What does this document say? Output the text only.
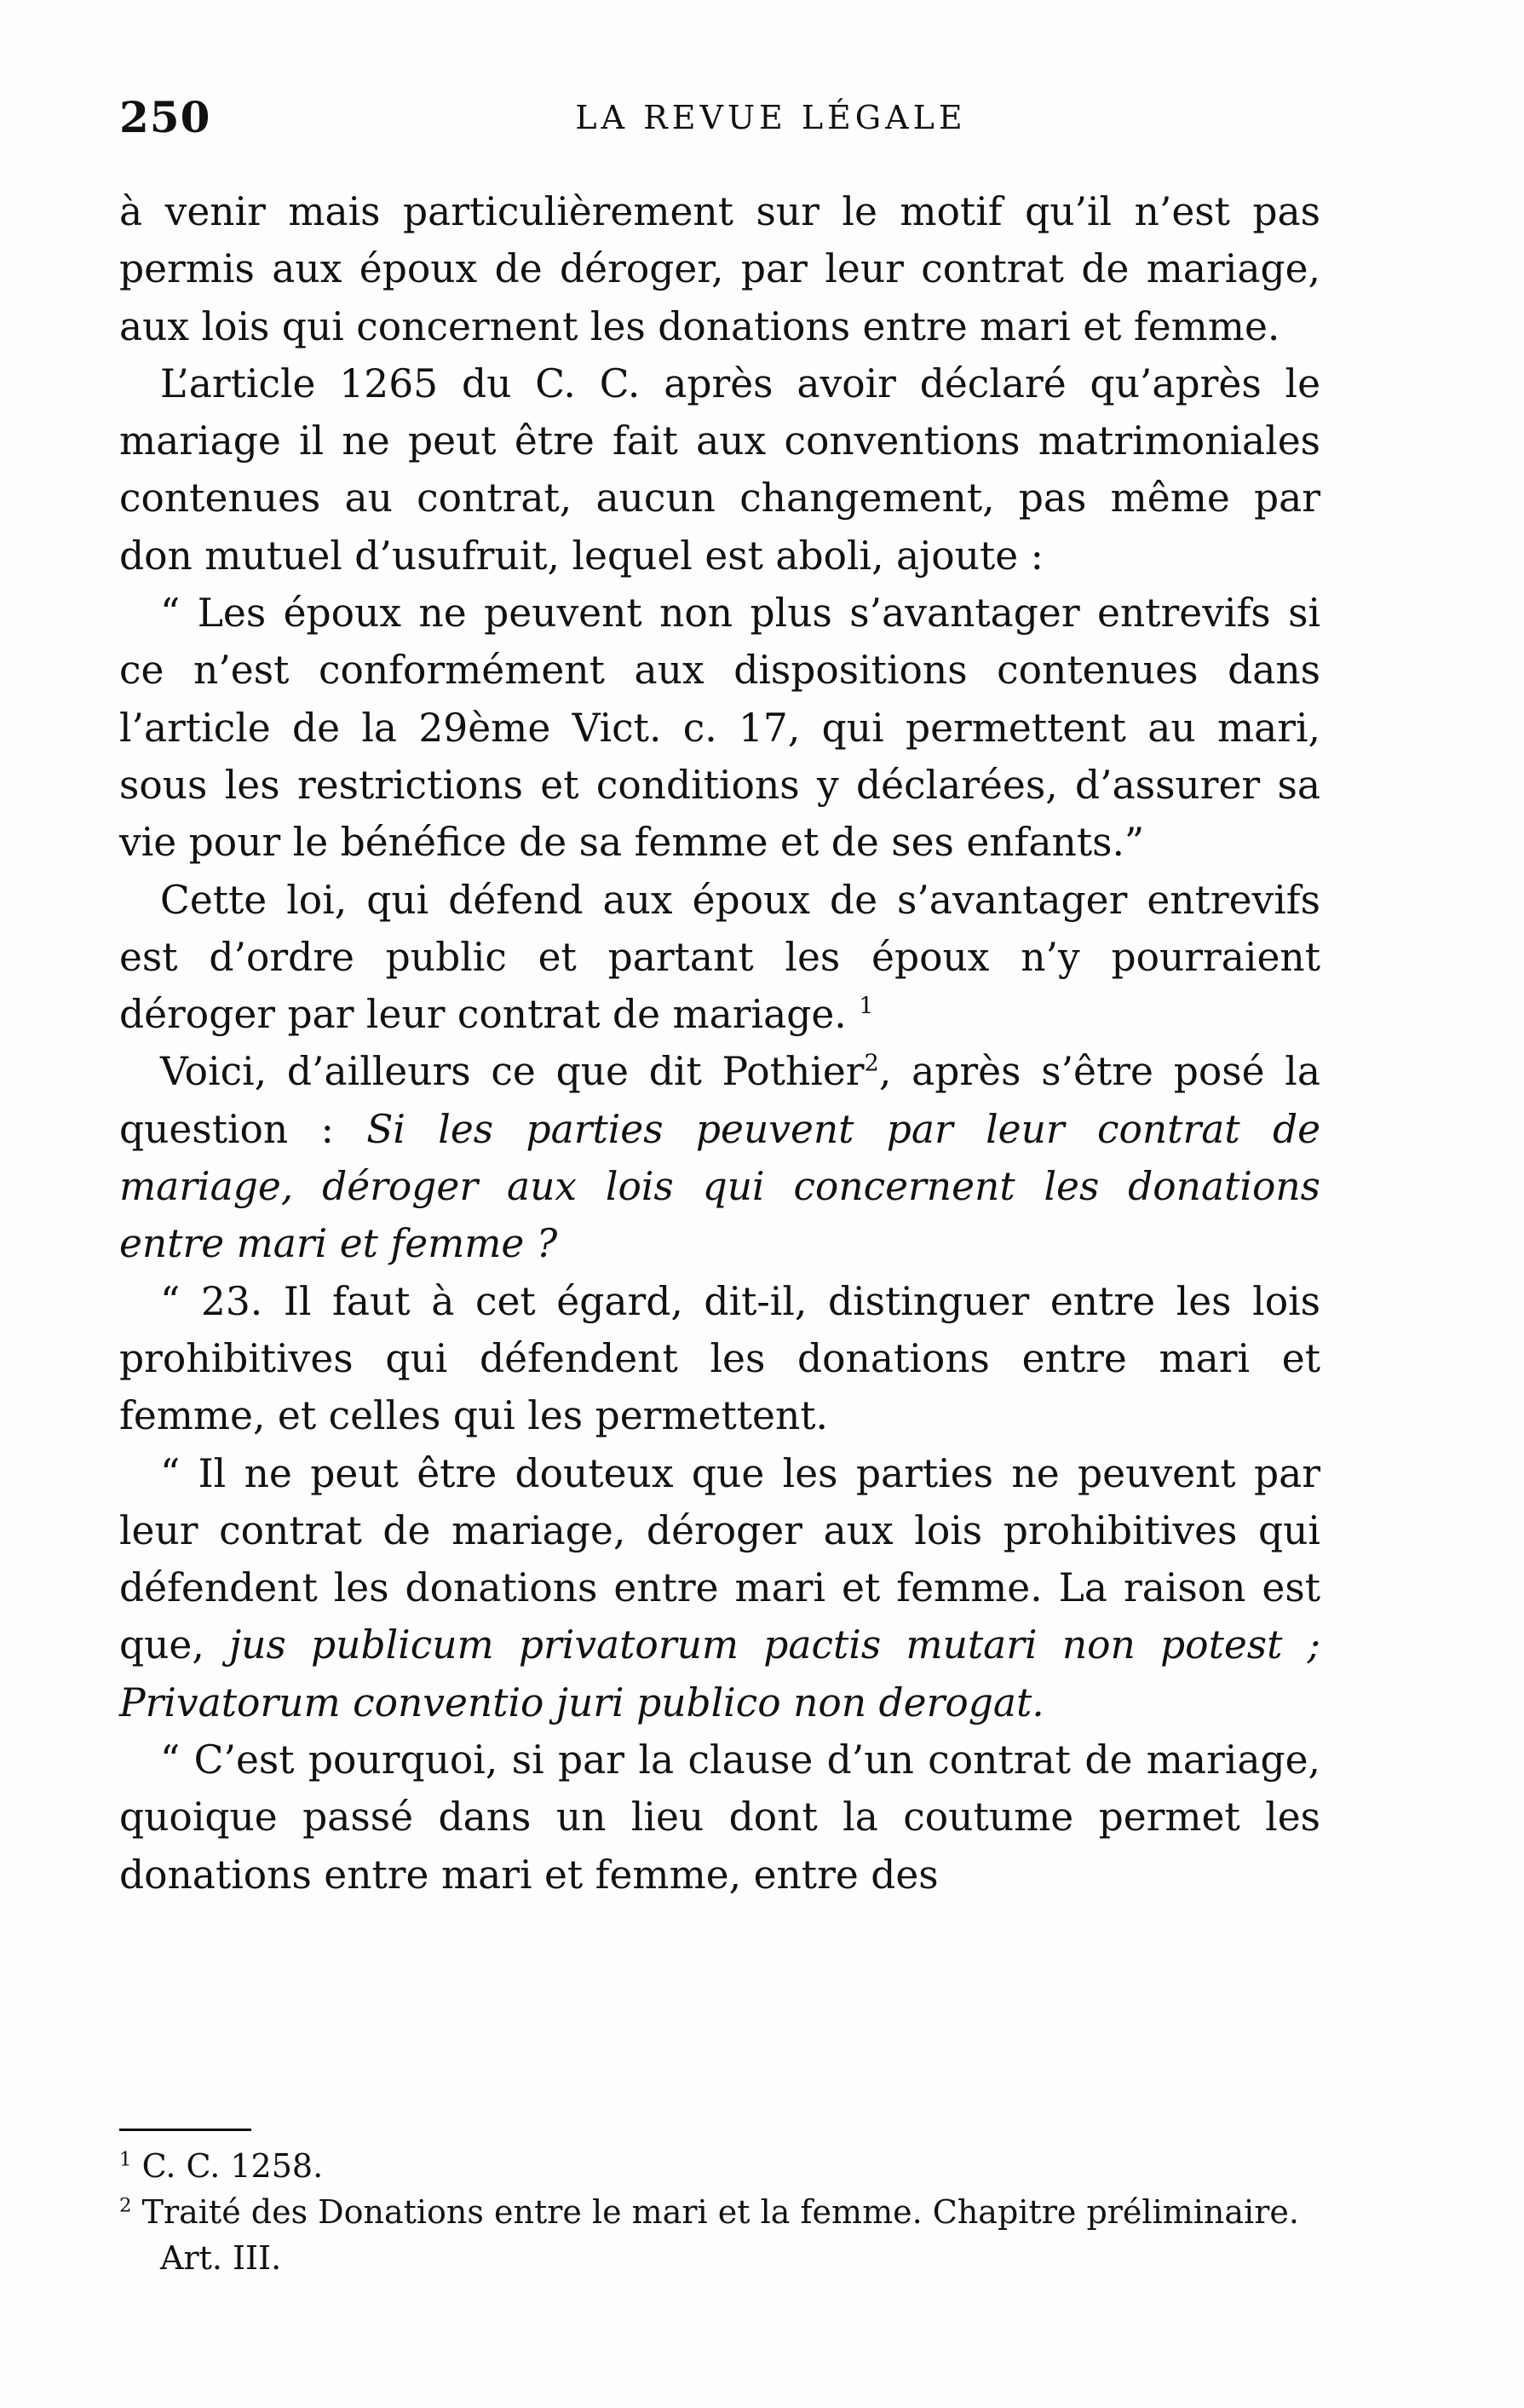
250	LA REVUE LÉGALE

à venir mais particulièrement sur le motif qu’il n’est pas permis aux époux de déroger, par leur contrat de mariage, aux lois qui concernent les donations entre mari et femme.

L’article 1265 du C. C. après avoir déclaré qu’après le mariage il ne peut être fait aux conventions matrimoniales contenues au contrat, aucun changement, pas même par don mutuel d’usufruit, lequel est aboli, ajoute :

“ Les époux ne peuvent non plus s’avantager entrevifs si ce n’est conformément aux dispositions contenues dans l’article de la 29ème Vict. c. 17, qui permettent au mari, sous les restrictions et conditions y déclarées, d’assurer sa vie pour le bénéfice de sa femme et de ses enfants.”

Cette loi, qui défend aux époux de s’avantager entrevifs est d’ordre public et partant les époux n’y pourraient déroger par leur contrat de mariage. $^1$

Voici, d’ailleurs ce que dit Pothier$^2$, après s’être posé la question : Si les parties peuvent par leur contrat de mariage, déroger aux lois qui concernent les donations entre mari et femme ?

“ 23. Il faut à cet égard, dit-il, distinguer entre les lois prohibitives qui défendent les donations entre mari et femme, et celles qui les permettent.

“ Il ne peut être douteux que les parties ne peuvent par leur contrat de mariage, déroger aux lois prohibitives qui défendent les donations entre mari et femme. La raison est que, jus publicum privatorum pactis mutari non potest ; Privatorum conventio juri publico non derogat.

“ C’est pourquoi, si par la clause d’un contrat de mariage, quoique passé dans un lieu dont la coutume permet les donations entre mari et femme, entre des

$^1$ C. C. 1258.

$^2$ Traité des Donations entre le mari et la femme. Chapitre préliminaire. Art. III.
